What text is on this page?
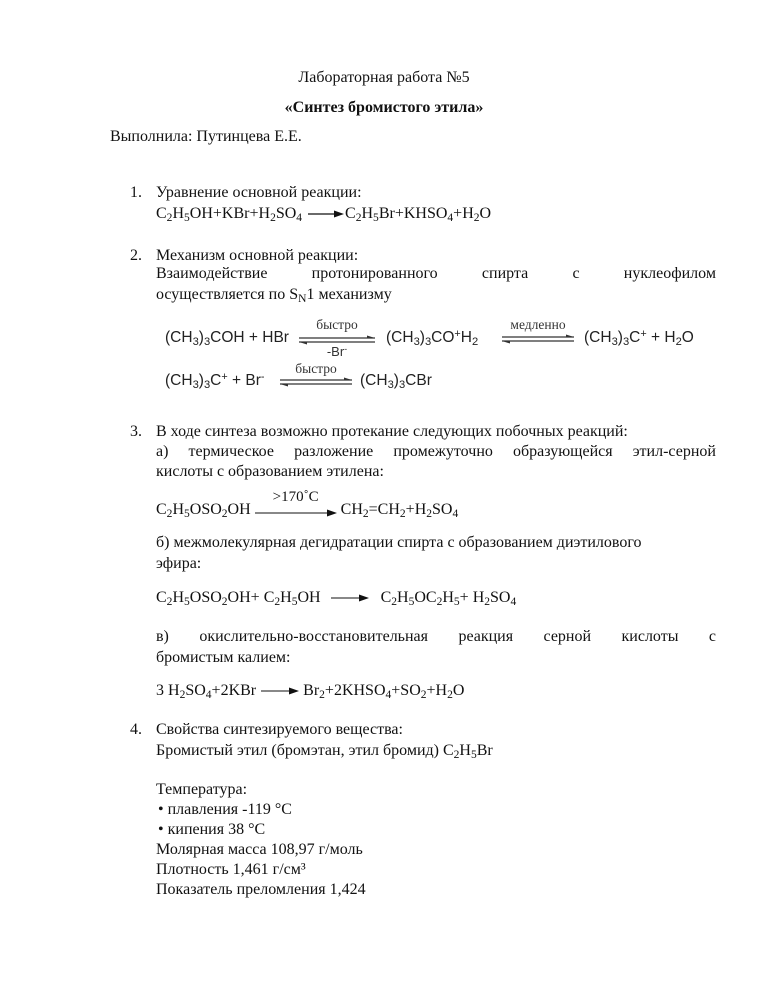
Лабораторная работа №5
«Синтез бромистого этила»
Выполнила: Путинцева Е.Е.
1. Уравнение основной реакции:
$C_2H_5OH+KBr+H_2SO_4$ $\to C_2H_5Br+KHSO_4+H_2O$
2. Механизм основной реакции:
Взаимодействие	протонированного	спирта	с	нуклеофилом
осуществляется по $S_N1$ механизму
$(CH_3)_3COH$ + HBr
быстро
-Br-
$(CH_3)_3CO^+H_2$
медленно
$(CH_3)_3C^+ + H_2O$
$(CH_3)_3C^+ + Br^-$
быстро
$(CH_3)_3CBr$
3. В ходе синтеза возможно протекание следующих побочных реакций:
а) термическое разложение промежуточно образующейся этил-серной
кислоты с образованием этилена:
$C_2H_5OSO_2OH$
>170˚C
$CH_2=CH_2+H_2SO_4$
б) межмолекулярная дегидратации спирта с образованием диэтилового
эфира:
$C_2H_5OSO_2OH+ C_2H_5OH \to C_2H_5OC_2H_5+ H_2SO_4$
в) окислительно-восстановительная реакция серной кислоты с
бромистым калием:
3 $H_2SO_4+2KBr$ → $Br_2+2KHSO_4+SO_2+H_2O$
4. Свойства синтезируемого вещества:
Бромистый этил (бромэтан, этил бромид) $C_2H_5Br$
Температура:
• плавления -119 °C
• кипения 38 °C
Молярная масса 108,97 г/моль
Плотность 1,461 г/см³
Показатель преломления 1,424
